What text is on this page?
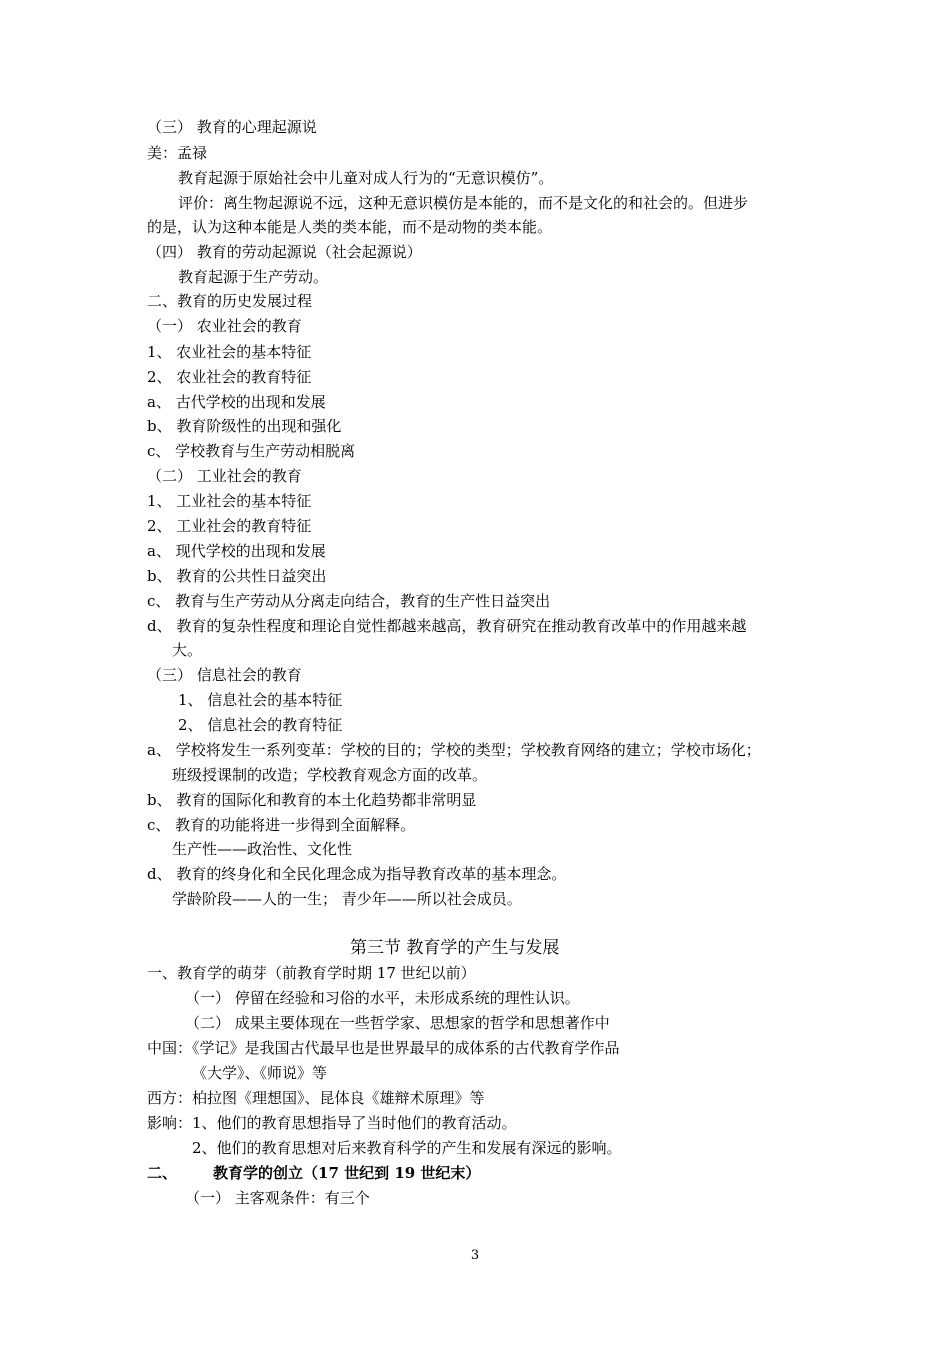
（三） 教育的心理起源说
美：孟禄
教育起源于原始社会中儿童对成人行为的“无意识模仿”。
评价：离生物起源说不远，这种无意识模仿是本能的，而不是文化的和社会的。但进步
的是，认为这种本能是人类的类本能，而不是动物的类本能。
（四） 教育的劳动起源说（社会起源说）
教育起源于生产劳动。
二、教育的历史发展过程
（一） 农业社会的教育
1、 农业社会的基本特征
2、 农业社会的教育特征
a、 古代学校的出现和发展
b、 教育阶级性的出现和强化
c、 学校教育与生产劳动相脱离
（二） 工业社会的教育
1、 工业社会的基本特征
2、 工业社会的教育特征
a、 现代学校的出现和发展
b、 教育的公共性日益突出
c、 教育与生产劳动从分离走向结合，教育的生产性日益突出
d、 教育的复杂性程度和理论自觉性都越来越高，教育研究在推动教育改革中的作用越来越
大。
（三） 信息社会的教育
1、 信息社会的基本特征
2、 信息社会的教育特征
a、 学校将发生一系列变革：学校的目的；学校的类型；学校教育网络的建立；学校市场化；
班级授课制的改造；学校教育观念方面的改革。
b、 教育的国际化和教育的本土化趋势都非常明显
c、 教育的功能将进一步得到全面解释。
生产性——政治性、文化性
d、 教育的终身化和全民化理念成为指导教育改革的基本理念。
学龄阶段——人的一生； 青少年——所以社会成员。
第三节 教育学的产生与发展
一、教育学的萌芽（前教育学时期 17 世纪以前）
（一） 停留在经验和习俗的水平，未形成系统的理性认识。
（二） 成果主要体现在一些哲学家、思想家的哲学和思想著作中
中国：《学记》是我国古代最早也是世界最早的成体系的古代教育学作品
《大学》、《师说》等
西方：柏拉图《理想国》、昆体良《雄辩术原理》等
影响：1、他们的教育思想指导了当时他们的教育活动。
2、他们的教育思想对后来教育科学的产生和发展有深远的影响。
二、 教育学的创立（17 世纪到 19 世纪末）
（一） 主客观条件：有三个
3
